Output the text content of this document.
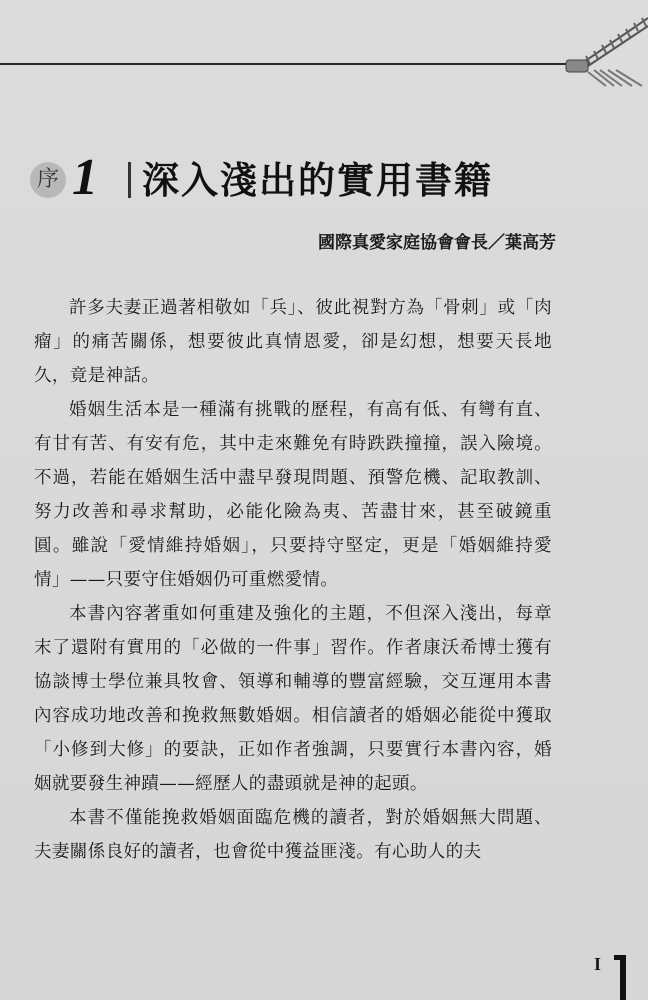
序 1	深入淺出的實用書籍
國際真愛家庭協會會長／葉高芳

許多夫妻正過著相敬如「兵」、彼此視對方為「骨刺」或「肉瘤」的痛苦關係，想要彼此真情恩愛，卻是幻想，想要天長地久，竟是神話。

婚姻生活本是一種滿有挑戰的歷程，有高有低、有彎有直、有甘有苦、有安有危，其中走來難免有時跌跌撞撞，誤入險境。不過，若能在婚姻生活中盡早發現問題、預警危機、記取教訓、努力改善和尋求幫助，必能化險為夷、苦盡甘來，甚至破鏡重圓。雖說「愛情維持婚姻」，只要持守堅定，更是「婚姻維持愛情」——只要守住婚姻仍可重燃愛情。

本書內容著重如何重建及強化的主題，不但深入淺出，每章末了還附有實用的「必做的一件事」習作。作者康沃希博士獲有協談博士學位兼具牧會、領導和輔導的豐富經驗，交互運用本書內容成功地改善和挽救無數婚姻。相信讀者的婚姻必能從中獲取「小修到大修」的要訣，正如作者強調，只要實行本書內容，婚姻就要發生神蹟——經歷人的盡頭就是神的起頭。

本書不僅能挽救婚姻面臨危機的讀者，對於婚姻無大問題、夫妻關係良好的讀者，也會從中獲益匪淺。有心助人的夫

I
